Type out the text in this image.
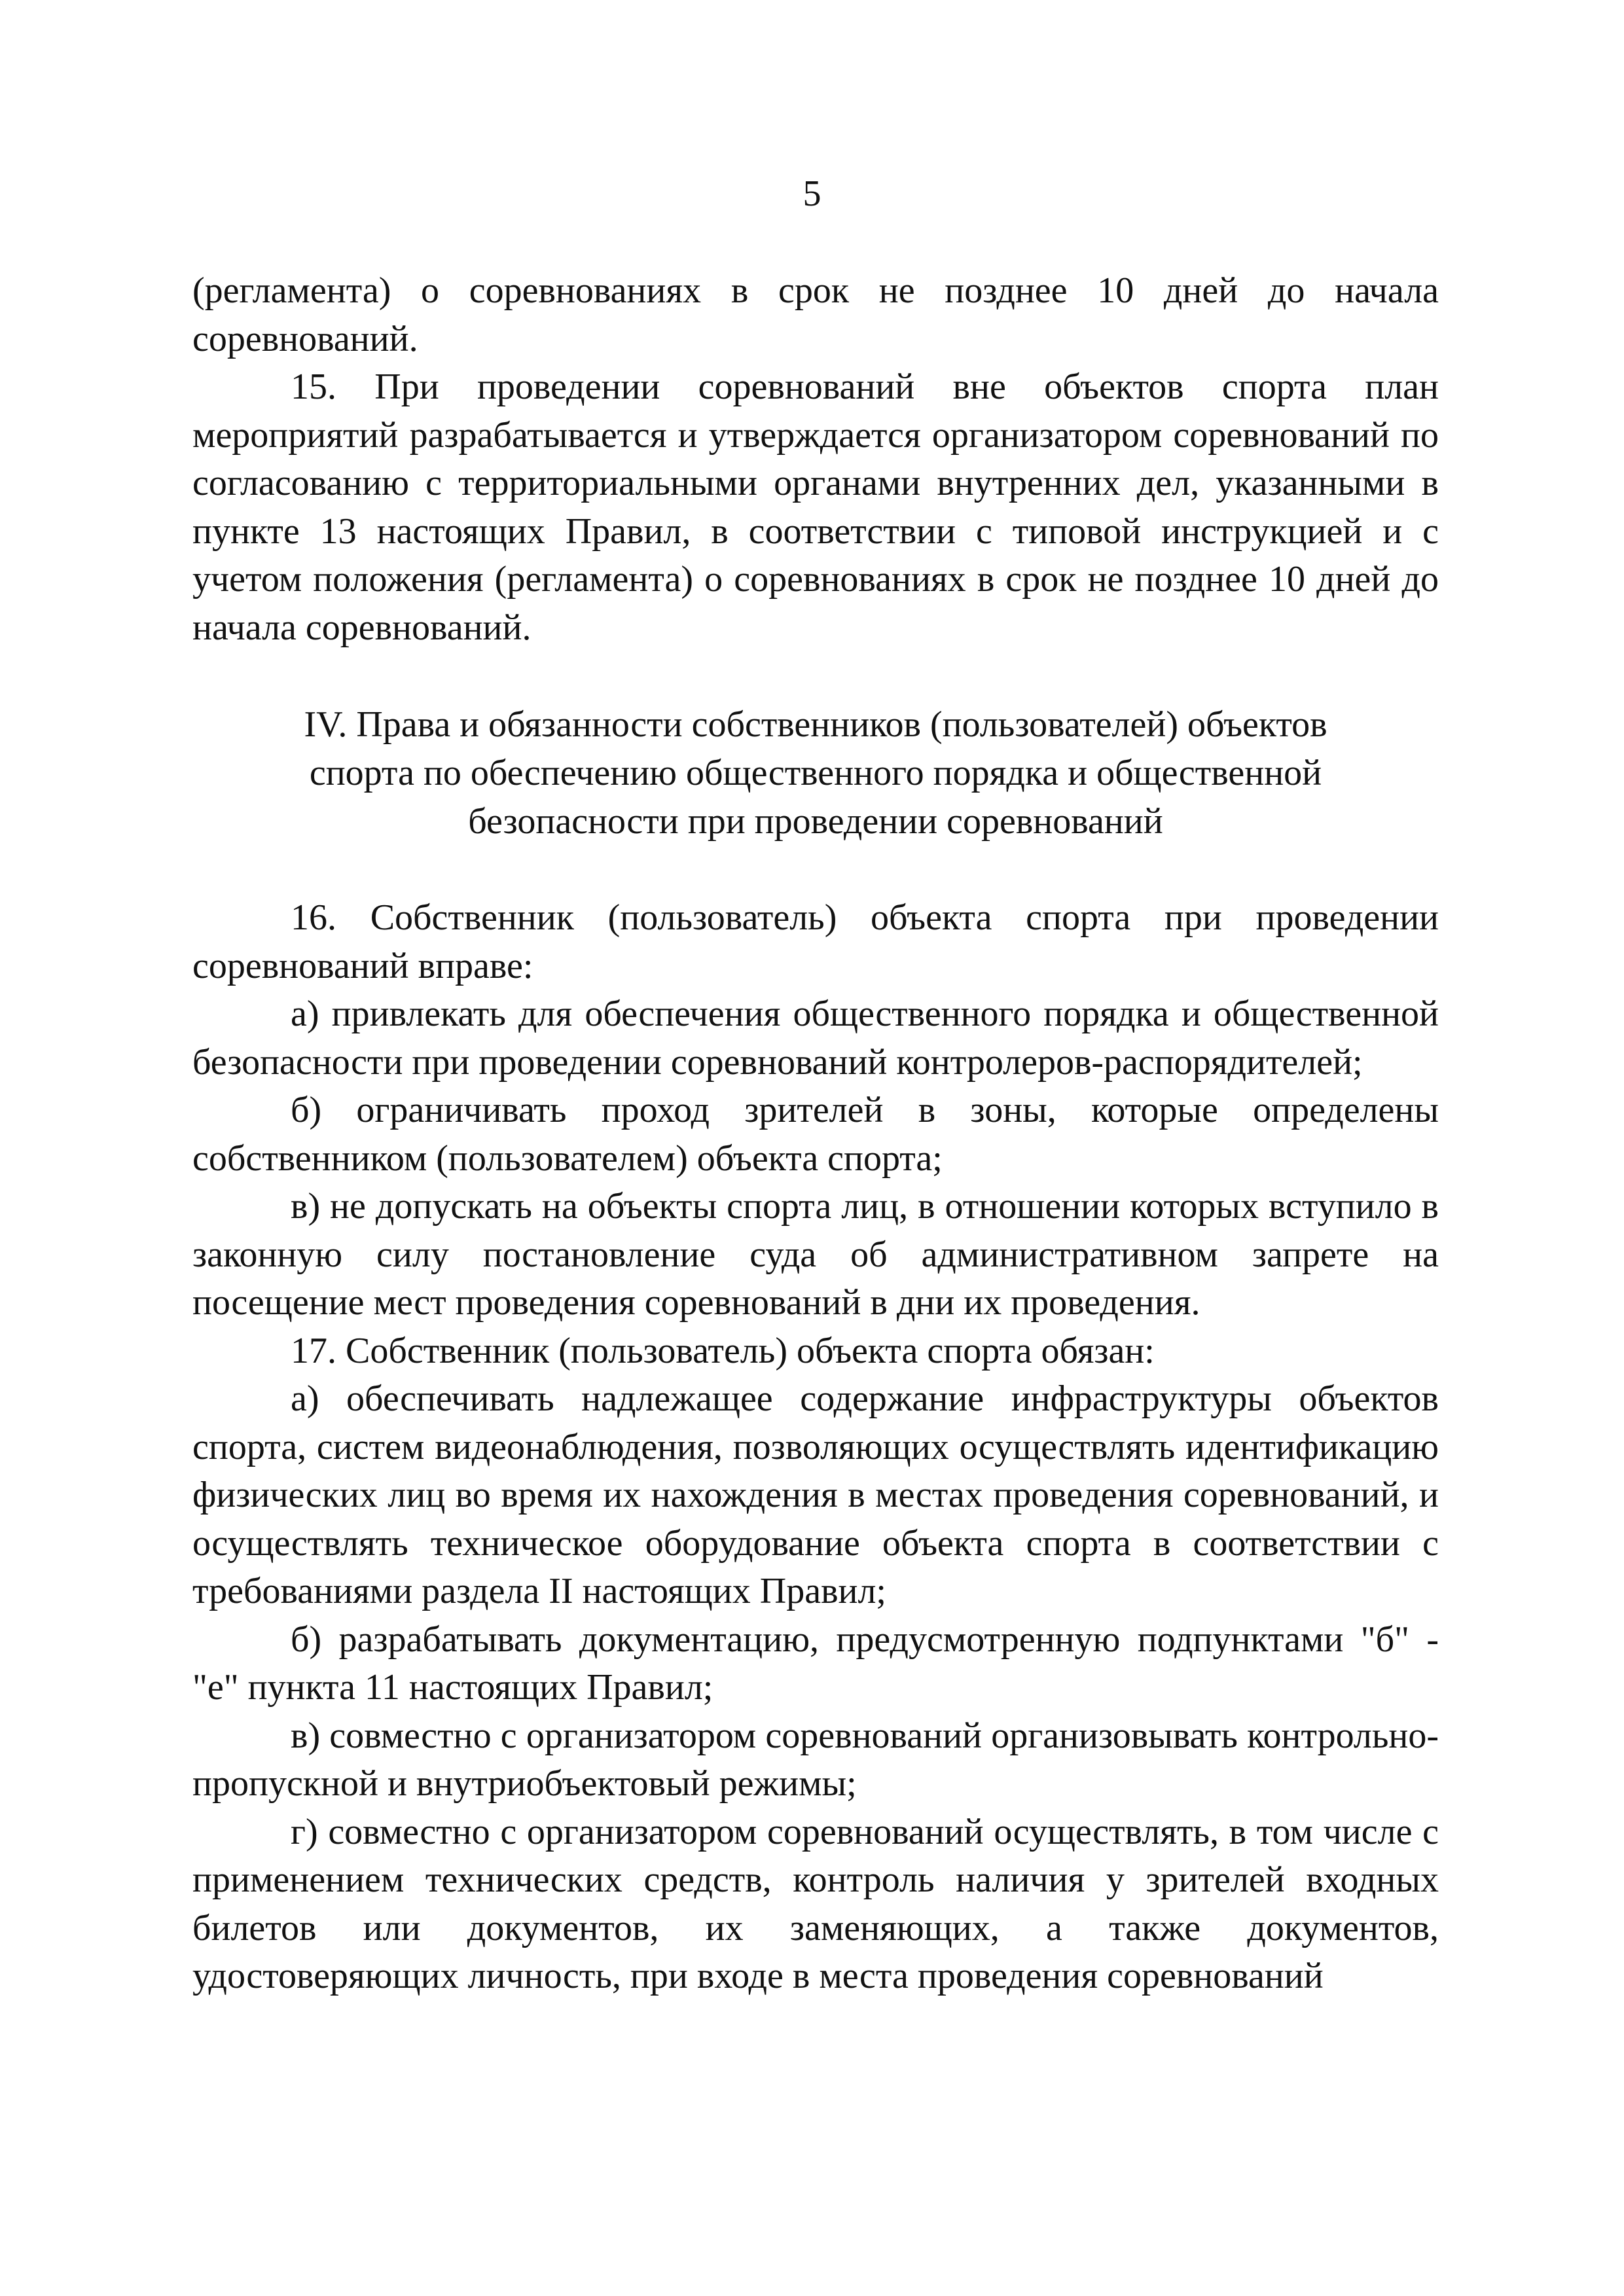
5

(регламента) о соревнованиях в срок не позднее 10 дней до начала соревнований.

15. При проведении соревнований вне объектов спорта план мероприятий разрабатывается и утверждается организатором соревнований по согласованию с территориальными органами внутренних дел, указанными в пункте 13 настоящих Правил, в соответствии с типовой инструкцией и с учетом положения (регламента) о соревнованиях в срок не позднее 10 дней до начала соревнований.

IV. Права и обязанности собственников (пользователей) объектов
спорта по обеспечению общественного порядка и общественной
безопасности при проведении соревнований

16. Собственник (пользователь) объекта спорта при проведении соревнований вправе:

а) привлекать для обеспечения общественного порядка и общественной безопасности при проведении соревнований контролеров-распорядителей;

б) ограничивать проход зрителей в зоны, которые определены собственником (пользователем) объекта спорта;

в) не допускать на объекты спорта лиц, в отношении которых вступило в законную силу постановление суда об административном запрете на посещение мест проведения соревнований в дни их проведения.

17. Собственник (пользователь) объекта спорта обязан:

а) обеспечивать надлежащее содержание инфраструктуры объектов спорта, систем видеонаблюдения, позволяющих осуществлять идентификацию физических лиц во время их нахождения в местах проведения соревнований, и осуществлять техническое оборудование объекта спорта в соответствии с требованиями раздела II настоящих Правил;

б) разрабатывать документацию, предусмотренную подпунктами "б" - "е" пункта 11 настоящих Правил;

в) совместно с организатором соревнований организовывать контрольно-пропускной и внутриобъектовый режимы;

г) совместно с организатором соревнований осуществлять, в том числе с применением технических средств, контроль наличия у зрителей входных билетов или документов, их заменяющих, а также документов, удостоверяющих личность, при входе в места проведения соревнований
